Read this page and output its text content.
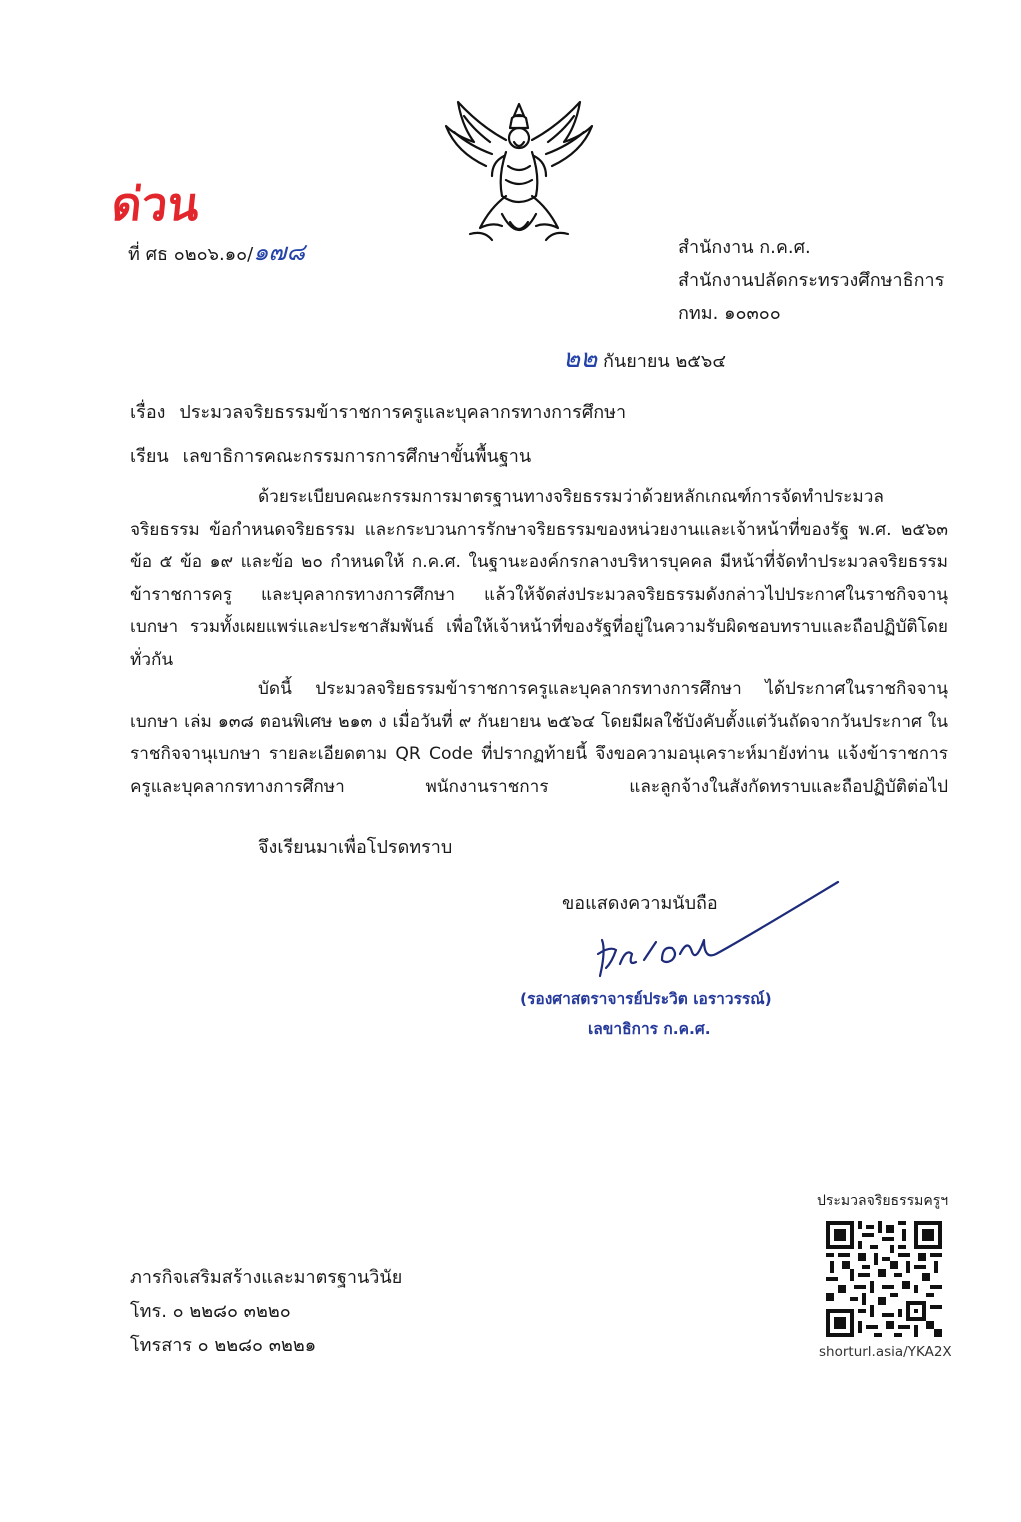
ด่วน
ที่ ศธ ๐๒๐๖.๑๐/๑๗๘	สำนักงาน ก.ค.ศ.
สำนักงานปลัดกระทรวงศึกษาธิการ
กทม. ๑๐๓๐๐
๒๒ กันยายน ๒๕๖๔
เรื่อง ประมวลจริยธรรมข้าราชการครูและบุคลากรทางการศึกษา
เรียน เลขาธิการคณะกรรมการการศึกษาขั้นพื้นฐาน
ด้วยระเบียบคณะกรรมการมาตรฐานทางจริยธรรมว่าด้วยหลักเกณฑ์การจัดทำประมวลจริยธรรม ข้อกำหนดจริยธรรม และกระบวนการรักษาจริยธรรมของหน่วยงานและเจ้าหน้าที่ของรัฐ พ.ศ. ๒๕๖๓ ข้อ ๕ ข้อ ๑๙ และข้อ ๒๐ กำหนดให้ ก.ค.ศ. ในฐานะองค์กรกลางบริหารบุคคล มีหน้าที่จัดทำประมวลจริยธรรมข้าราชการครู และบุคลากรทางการศึกษา แล้วให้จัดส่งประมวลจริยธรรมดังกล่าวไปประกาศในราชกิจจานุเบกษา รวมทั้งเผยแพร่และประชาสัมพันธ์ เพื่อให้เจ้าหน้าที่ของรัฐที่อยู่ในความรับผิดชอบทราบและถือปฏิบัติโดยทั่วกัน
บัดนี้ ประมวลจริยธรรมข้าราชการครูและบุคลากรทางการศึกษา ได้ประกาศในราชกิจจานุเบกษา เล่ม ๑๓๘ ตอนพิเศษ ๒๑๓ ง เมื่อวันที่ ๙ กันยายน ๒๕๖๔ โดยมีผลใช้บังคับตั้งแต่วันถัดจากวันประกาศ ในราชกิจจานุเบกษา รายละเอียดตาม QR Code ที่ปรากฏท้ายนี้ จึงขอความอนุเคราะห์มายังท่าน แจ้งข้าราชการครูและบุคลากรทางการศึกษา พนักงานราชการ และลูกจ้างในสังกัดทราบและถือปฏิบัติต่อไป
จึงเรียนมาเพื่อโปรดทราบ
ขอแสดงความนับถือ
(รองศาสตราจารย์ประวิต เอราวรรณ์)
เลขาธิการ ก.ค.ศ.
ภารกิจเสริมสร้างและมาตรฐานวินัย
โทร. ๐ ๒๒๘๐ ๓๒๒๐
โทรสาร ๐ ๒๒๘๐ ๓๒๒๑
ประมวลจริยธรรมครูฯ
shorturl.asia/YKA2X
